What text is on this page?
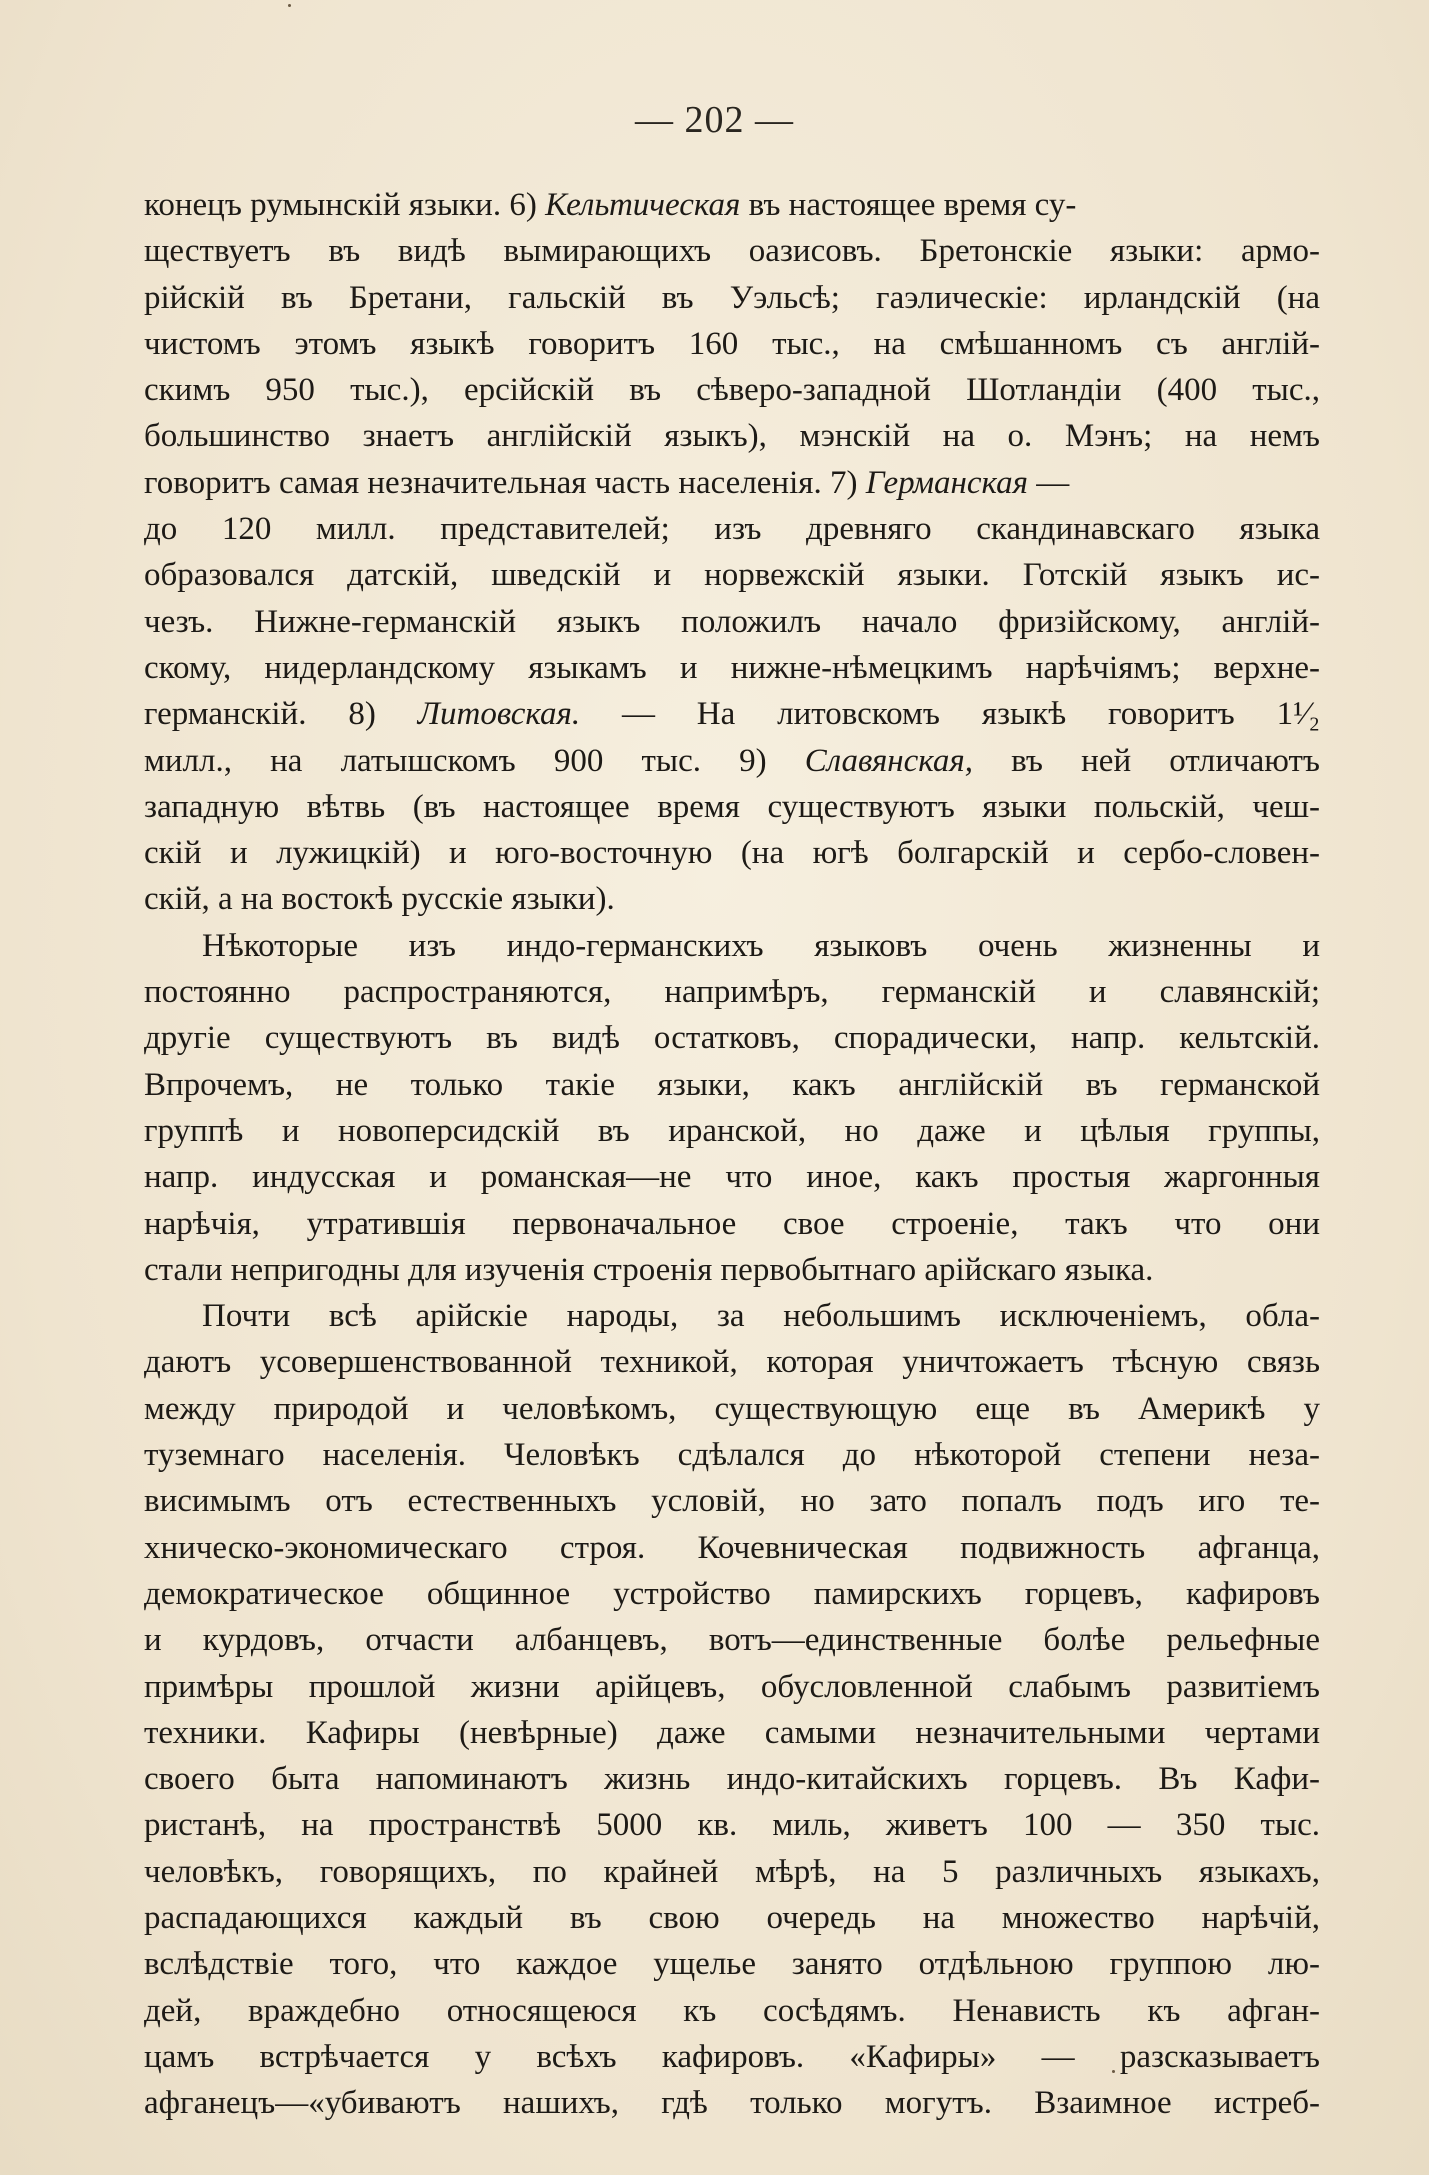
— 202 —
конецъ румынскій языки. 6) Кельтическая въ настоящее время су-
ществуетъ въ видѣ вымирающихъ оазисовъ. Бретонскіе языки: армо-
рійскій въ Бретани, гальскій въ Уэльсѣ; гаэлическіе: ирландскій (на
чистомъ этомъ языкѣ говоритъ 160 тыс., на смѣшанномъ съ англій-
скимъ 950 тыс.), ерсійскій въ сѣверо-западной Шотландіи (400 тыс.,
большинство знаетъ англійскій языкъ), мэнскій на о. Мэнъ; на немъ
говоритъ самая незначительная часть населенія. 7) Германская —
до 120 милл. представителей; изъ древняго скандинавскаго языка
образовался датскій, шведскій и норвежскій языки. Готскій языкъ ис-
чезъ. Нижне-германскій языкъ положилъ начало фризійскому, англій-
скому, нидерландскому языкамъ и нижне-нѣмецкимъ нарѣчіямъ; верхне-
германскій. 8) Литовская. — На литовскомъ языкѣ говоритъ 1¹⁄₂
милл., на латышскомъ 900 тыс. 9) Славянская, въ ней отличаютъ
западную вѣтвь (въ настоящее время существуютъ языки польскій, чеш-
скій и лужицкій) и юго-восточную (на югѣ болгарскій и сербо-словен-
скій, а на востокѣ русскіе языки).
Нѣкоторые изъ индо-германскихъ языковъ очень жизненны и
постоянно распространяются, напримѣръ, германскій и славянскій;
другіе существуютъ въ видѣ остатковъ, спорадически, напр. кельтскій.
Впрочемъ, не только такіе языки, какъ англійскій въ германской
группѣ и новоперсидскій въ иранской, но даже и цѣлыя группы,
напр. индусская и романская—не что иное, какъ простыя жаргонныя
нарѣчія, утратившія первоначальное свое строеніе, такъ что они
стали непригодны для изученія строенія первобытнаго арійскаго языка.
Почти всѣ арійскіе народы, за небольшимъ исключеніемъ, обла-
даютъ усовершенствованной техникой, которая уничтожаетъ тѣсную связь
между природой и человѣкомъ, существующую еще въ Америкѣ у
туземнаго населенія. Человѣкъ сдѣлался до нѣкоторой степени неза-
висимымъ отъ естественныхъ условій, но зато попалъ подъ иго те-
хническо-экономическаго строя. Кочевническая подвижность афганца,
демократическое общинное устройство памирскихъ горцевъ, кафировъ
и курдовъ, отчасти албанцевъ, вотъ—единственные болѣе рельефные
примѣры прошлой жизни арійцевъ, обусловленной слабымъ развитіемъ
техники. Кафиры (невѣрные) даже самыми незначительными чертами
своего быта напоминаютъ жизнь индо-китайскихъ горцевъ. Въ Кафи-
ристанѣ, на пространствѣ 5000 кв. миль, живетъ 100 — 350 тыс.
человѣкъ, говорящихъ, по крайней мѣрѣ, на 5 различныхъ языкахъ,
распадающихся каждый въ свою очередь на множество нарѣчій,
вслѣдствіе того, что каждое ущелье занято отдѣльною группою лю-
дей, враждебно относящеюся къ сосѣдямъ. Ненависть къ афган-
цамъ встрѣчается у всѣхъ кафировъ. «Кафиры» — разсказываетъ
афганецъ—«убиваютъ нашихъ, гдѣ только могутъ. Взаимное истреб-
